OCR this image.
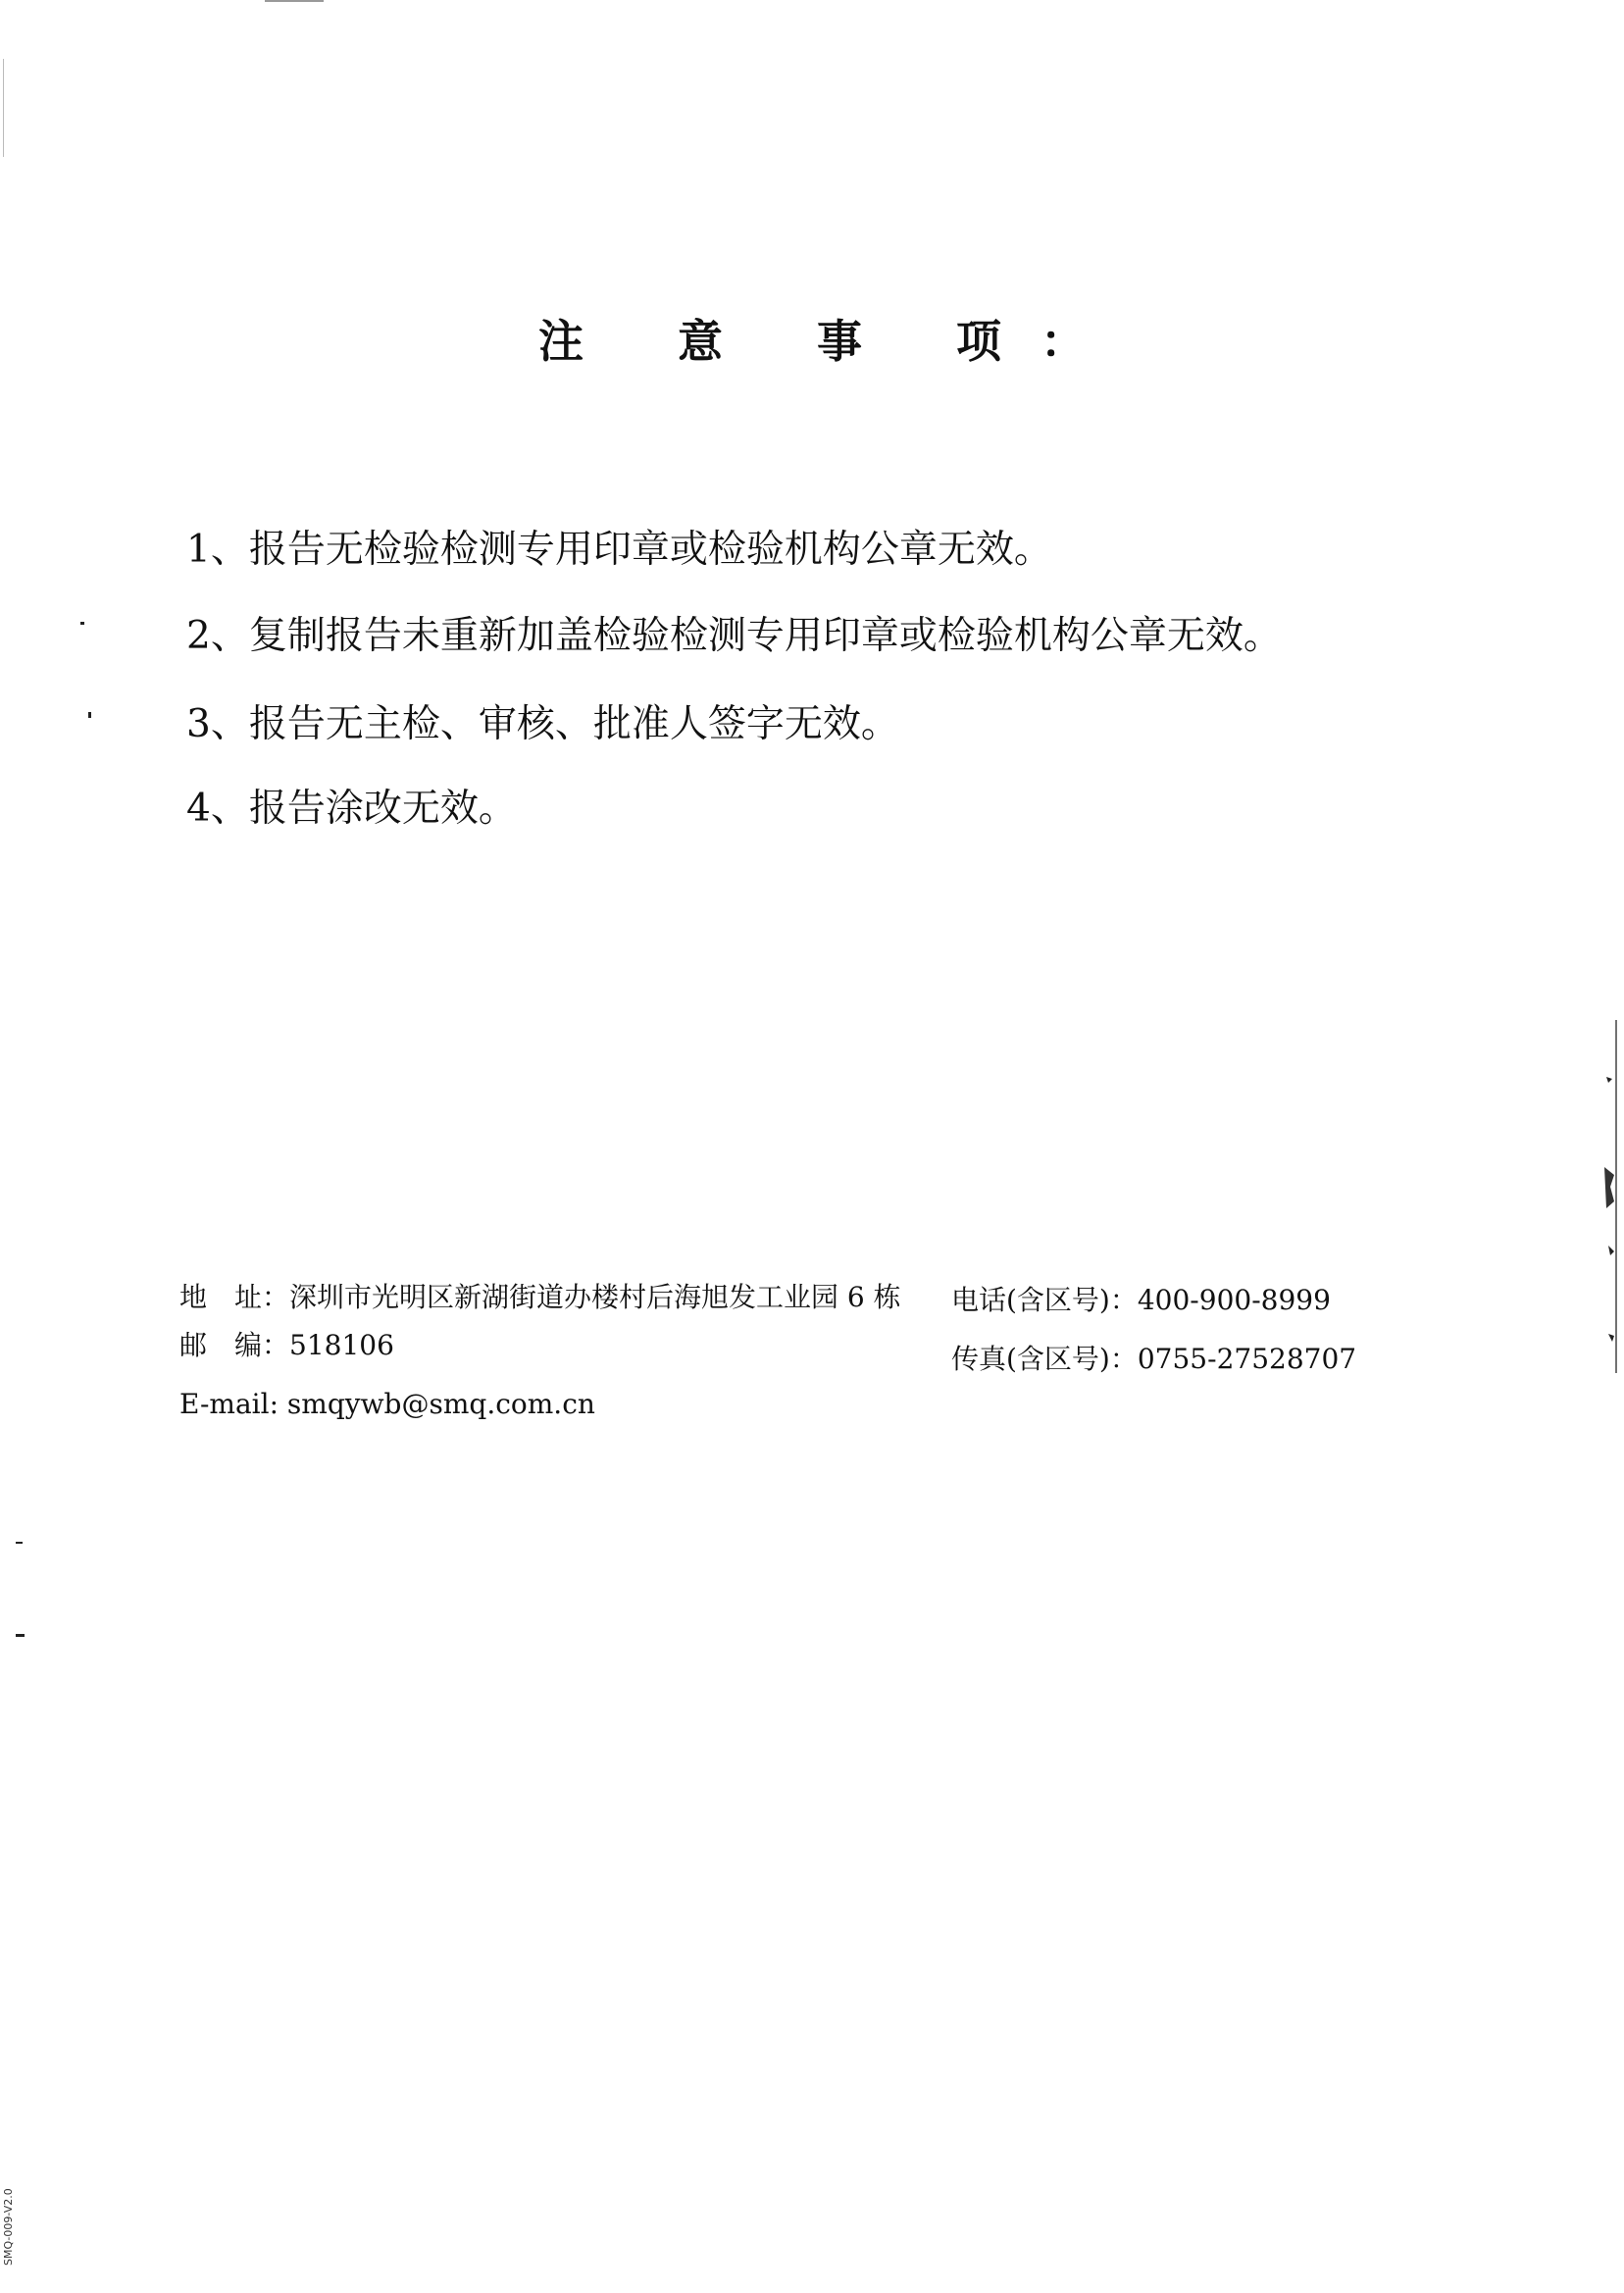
注 意 事 项：
1、报告无检验检测专用印章或检验机构公章无效。
2、复制报告未重新加盖检验检测专用印章或检验机构公章无效。
3、报告无主检、审核、批准人签字无效。
4、报告涂改无效。
地　址：深圳市光明区新湖街道办楼村后海旭发工业园 6 栋
邮　编：518106
E-mail: smqywb@smq.com.cn
电话(含区号)：400-900-8999
传真(含区号)：0755-27528707
SMQ-009-V2.0
